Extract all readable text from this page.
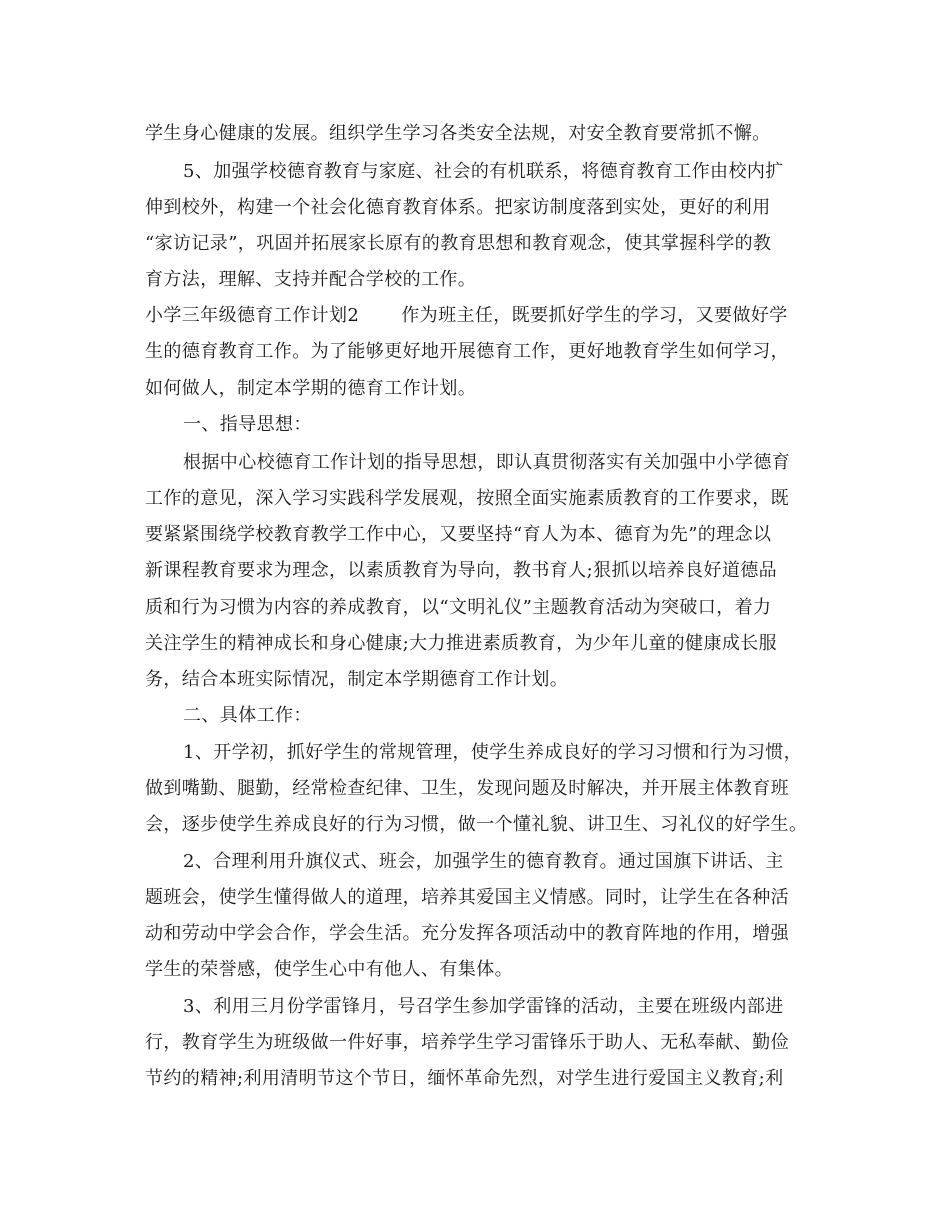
学生身心健康的发展。组织学生学习各类安全法规，对安全教育要常抓不懈。
5、加强学校德育教育与家庭、社会的有机联系，将德育教育工作由校内扩
伸到校外，构建一个社会化德育教育体系。把家访制度落到实处，更好的利用
“家访记录”，巩固并拓展家长原有的教育思想和教育观念，使其掌握科学的教
育方法，理解、支持并配合学校的工作。
小学三年级德育工作计划2 作为班主任，既要抓好学生的学习，又要做好学
生的德育教育工作。为了能够更好地开展德育工作，更好地教育学生如何学习，
如何做人，制定本学期的德育工作计划。
一、指导思想：
根据中心校德育工作计划的指导思想，即认真贯彻落实有关加强中小学德育
工作的意见，深入学习实践科学发展观，按照全面实施素质教育的工作要求，既
要紧紧围绕学校教育教学工作中心，又要坚持“育人为本、德育为先”的理念以
新课程教育要求为理念，以素质教育为导向，教书育人;狠抓以培养良好道德品
质和行为习惯为内容的养成教育，以“文明礼仪”主题教育活动为突破口，着力
关注学生的精神成长和身心健康;大力推进素质教育，为少年儿童的健康成长服
务，结合本班实际情况，制定本学期德育工作计划。
二、具体工作：
1、开学初，抓好学生的常规管理，使学生养成良好的学习习惯和行为习惯，
做到嘴勤、腿勤，经常检查纪律、卫生，发现问题及时解决，并开展主体教育班
会，逐步使学生养成良好的行为习惯，做一个懂礼貌、讲卫生、习礼仪的好学生。
2、合理利用升旗仪式、班会，加强学生的德育教育。通过国旗下讲话、主
题班会，使学生懂得做人的道理，培养其爱国主义情感。同时，让学生在各种活
动和劳动中学会合作，学会生活。充分发挥各项活动中的教育阵地的作用，增强
学生的荣誉感，使学生心中有他人、有集体。
3、利用三月份学雷锋月，号召学生参加学雷锋的活动，主要在班级内部进
行，教育学生为班级做一件好事，培养学生学习雷锋乐于助人、无私奉献、勤俭
节约的精神;利用清明节这个节日，缅怀革命先烈，对学生进行爱国主义教育;利
